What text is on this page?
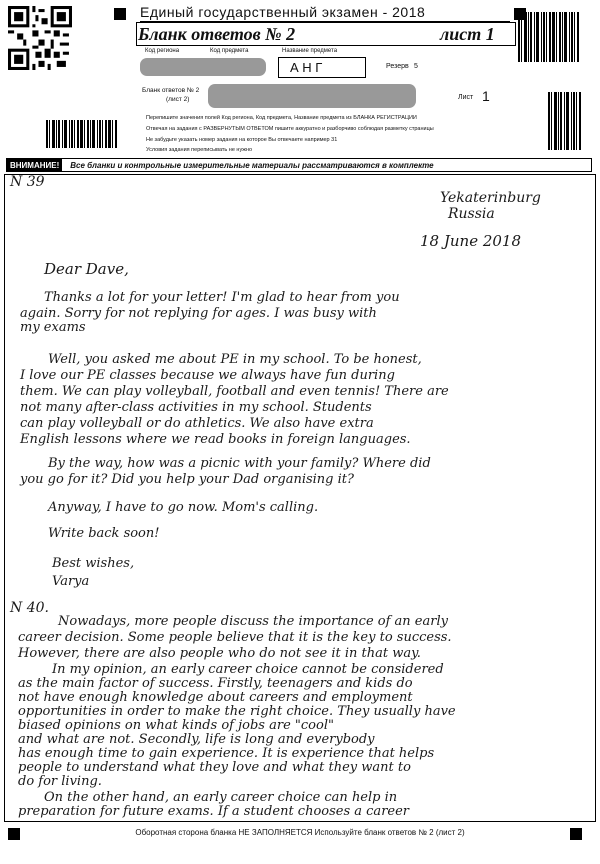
Единый государственный экзамен - 2018
Бланк ответов № 2	лист 1
Код региона	Код предмета	Название предмета
А Н Г	Резерв 5
Бланк ответов № 2
(лист 2)	Лист 1
Перепишите значения полей Код региона, Код предмета, Название предмета из БЛАНКА РЕГИСТРАЦИИ
Отвечая на задания с РАЗВЕРНУТЫМ ОТВЕТОМ пишите аккуратно и разборчиво соблюдая разметку страницы
Не забудьте указать номер задания на которое Вы отвечаете например 31
Условия задания переписывать не нужно
ВНИМАНИЕ!	Все бланки и контрольные измерительные материалы рассматриваются в комплекте
N 39
Yekaterinburg
Russia
18 June 2018
Dear Dave,
Thanks a lot for your letter! I'm glad to hear from you
again. Sorry for not replying for ages. I was busy with
my exams
Well, you asked me about PE in my school. To be honest,
I love our PE classes because we always have fun during
them. We can play volleyball, football and even tennis! There are
not many after-class activities in my school. Students
can play volleyball or do athletics. We also have extra
English lessons where we read books in foreign languages.
By the way, how was a picnic with your family? Where did
you go for it? Did you help your Dad organising it?
Anyway, I have to go now. Mom's calling.
Write back soon!
Best wishes,
Varya
N 40.
Nowadays, more people discuss the importance of an early
career decision. Some people believe that it is the key to success.
However, there are also people who do not see it in that way.
In my opinion, an early career choice cannot be considered
as the main factor of success. Firstly, teenagers and kids do
not have enough knowledge about careers and employment
opportunities in order to make the right choice. They usually have
biased opinions on what kinds of jobs are "cool"
and what are not. Secondly, life is long and everybody
has enough time to gain experience. It is experience that helps
people to understand what they love and what they want to
do for living.
On the other hand, an early career choice can help in
preparation for future exams. If a student chooses a career
Оборотная сторона бланка НЕ ЗАПОЛНЯЕТСЯ Используйте бланк ответов № 2 (лист 2)
